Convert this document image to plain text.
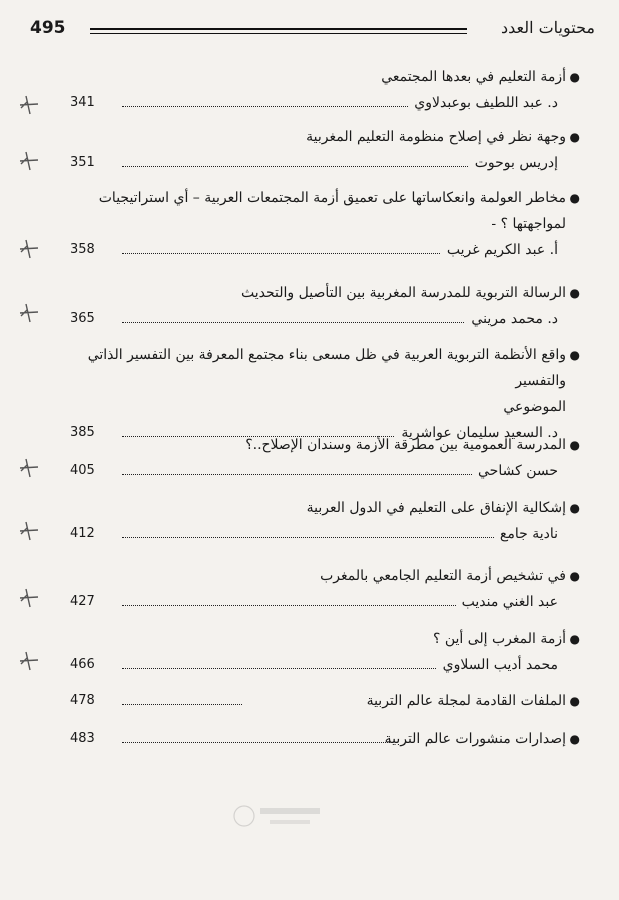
495	محتويات العدد
●
أزمة التعليم في بعدها المجتمعي
د. عبد اللطيف بوعبدلاوي
341
●
وجهة نظر في إصلاح منظومة التعليم المغربية
إدريس بوحوت
351
●
مخاطر العولمة وانعكاساتها على تعميق أزمة المجتمعات العربية – أي استراتيجيات
لمواجهتها ؟ -
أ. عبد الكريم غريب
358
●
الرسالة التربوية للمدرسة المغربية بين التأصيل والتحديث
د. محمد مريني
365
●
واقع الأنظمة التربوية العربية في ظل مسعى بناء مجتمع المعرفة بين التفسير الذاتي والتفسير
الموضوعي
د. السعيد سليمان عواشرية
385
●
المدرسة العمومية بين مطرقة الأزمة وسندان الإصلاح..؟
حسن كشاحي
405
●
إشكالية الإنفاق على التعليم في الدول العربية
نادية جامع
412
●
في تشخيص أزمة التعليم الجامعي بالمغرب
عبد الغني منديب
427
●
أزمة المغرب إلى أين ؟
محمد أديب السلاوي
466
●
الملفات القادمة لمجلة عالم التربية
478
●
إصدارات منشورات عالم التربية
483
